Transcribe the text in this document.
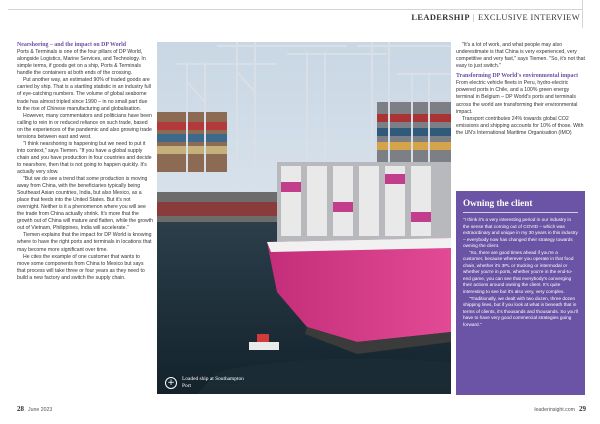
LEADERSHIP | EXCLUSIVE INTERVIEW

Nearshoring – and the impact on DP World

Ports & Terminals is one of the four pillars of DP World, alongside Logistics, Marine Services, and Technology. In simple terms, if goods get on a ship, Ports & Terminals handle the containers at both ends of the crossing.

Put another way, an estimated 90% of traded goods are carried by ship. That is a startling statistic in an industry full of eye-catching numbers. The volume of global seaborne trade has almost tripled since 1990 – in no small part due to the rise of Chinese manufacturing and globalisation.

However, many commentators and politicians have been calling to rein in or reduced reliance on such trade, based on the experiences of the pandemic and also growing trade tensions between east and west.

"I think nearshoring is happening but we need to put it into context," says Tiemen. "If you have a global supply chain and you have production in four countries and decide to nearshore, then that is not going to happen quickly. It's actually very slow.

"But we do see a trend that some production is moving away from China, with the beneficiaries typically being Southeast Asian countries, India, but also Mexico, as a place that feeds into the United States. But it's not overnight. Neither is it a phenomenon where you will see the trade from China actually shrink. It's more that the growth out of China will mature and flatten, while the growth out of Vietnam, Philippines, India will accelerate."

Tiemen explains that the impact for DP World is knowing where to have the right ports and terminals in locations that may become more significant over time.

He cites the example of one customer that wants to move some components from China to Mexico but says that process will take three or four years as they need to build a new factory and switch the supply chain.

+	Loaded ship at Southampton Port

"It's a lot of work, and what people may also underestimate is that China is very experienced, very competitive and very fast," says Tiemen. "So, it's not that easy to just switch."

Transforming DP World's environmental impact

From electric vehicle fleets in Peru, hydro-electric powered ports in Chile, and a 100% green energy terminal in Belgium – DP World's ports and terminals across the world are transforming their environmental impact.

Transport contributes 24% towards global CO2 emissions and shipping accounts for 10% of those. With the UN's International Maritime Organisation (IMO)

Owning the client

"I think it's a very interesting period in our industry in the sense that coming out of COVID – which was extraordinary and unique in my 30 years in this industry – everybody now has changed their strategy towards owning the client.

"So, there are good times ahead if you're a customer, because wherever you operate in that food chain, whether it's 3PL or trucking or intermodal or whether you're in ports, whether you're in the end-to-end game, you can see that everybody's converging their actions around owning the client. It's quite interesting to see but it's also very, very complex.

"Traditionally, we dealt with two dozen, three dozen shipping lines, but if you look at what is beneath that in terms of clients, it's thousands and thousands. So you'll have to have very good commercial strategies going forward."

28 June 2023	leaderinsight.com 29
